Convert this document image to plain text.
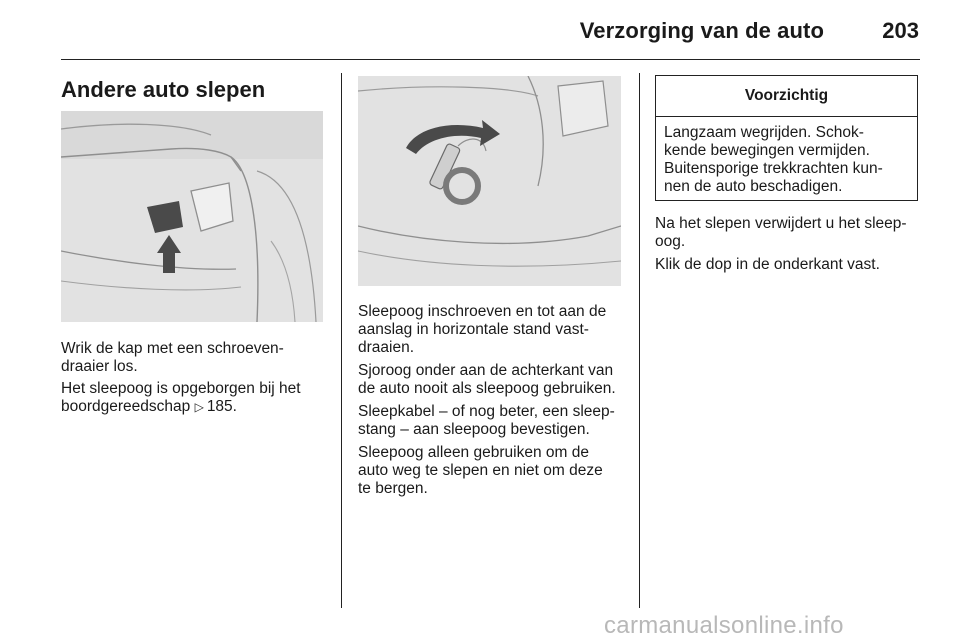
Verzorging van de auto	203
Andere auto slepen

Wrik de kap met een schroeven-
draaier los.

Het sleepoog is opgeborgen bij het
boordgereedschap ▷ 185.

Sleepoog inschroeven en tot aan de
aanslag in horizontale stand vast-
draaien.

Sjoroog onder aan de achterkant van
de auto nooit als sleepoog gebruiken.

Sleepkabel – of nog beter, een sleep-
stang – aan sleepoog bevestigen.

Sleepoog alleen gebruiken om de
auto weg te slepen en niet om deze
te bergen.

Voorzichtig

Langzaam wegrijden. Schok-
kende bewegingen vermijden.
Buitensporige trekkrachten kun-
nen de auto beschadigen.

Na het slepen verwijdert u het sleep-
oog.

Klik de dop in de onderkant vast.

carmanualsonline.info
